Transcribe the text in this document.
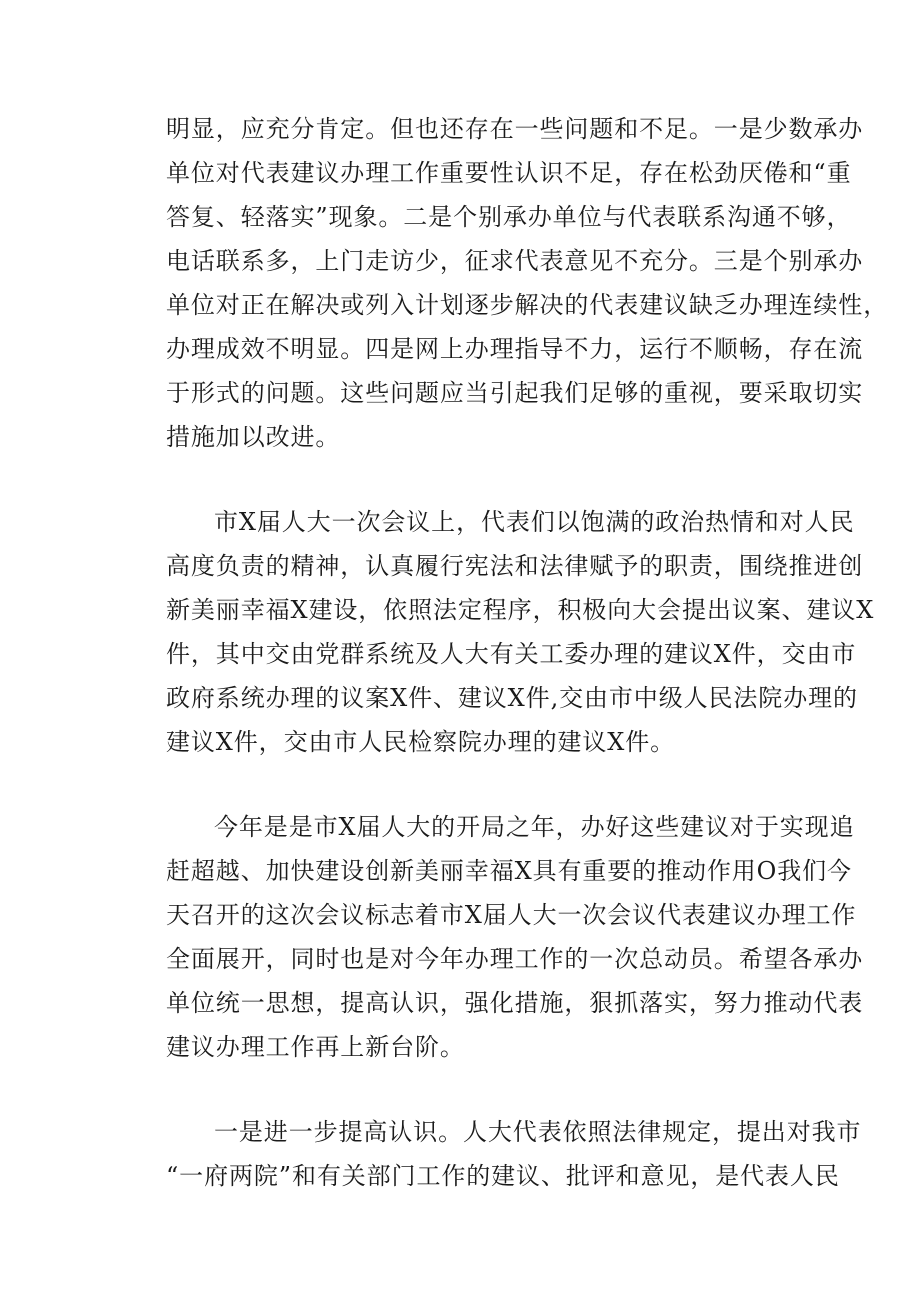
明显，应充分肯定。但也还存在一些问题和不足。一是少数承办
单位对代表建议办理工作重要性认识不足，存在松劲厌倦和“重
答复、轻落实”现象。二是个别承办单位与代表联系沟通不够，
电话联系多，上门走访少，征求代表意见不充分。三是个别承办
单位对正在解决或列入计划逐步解决的代表建议缺乏办理连续性，
办理成效不明显。四是网上办理指导不力，运行不顺畅，存在流
于形式的问题。这些问题应当引起我们足够的重视，要采取切实
措施加以改进。
市X届人大一次会议上，代表们以饱满的政治热情和对人民
高度负责的精神，认真履行宪法和法律赋予的职责，围绕推进创
新美丽幸福X建设，依照法定程序，积极向大会提出议案、建议X
件，其中交由党群系统及人大有关工委办理的建议X件，交由市
政府系统办理的议案X件、建议X件,交由市中级人民法院办理的
建议X件，交由市人民检察院办理的建议X件。
今年是是市X届人大的开局之年，办好这些建议对于实现追
赶超越、加快建设创新美丽幸福X具有重要的推动作用O我们今
天召开的这次会议标志着市X届人大一次会议代表建议办理工作
全面展开，同时也是对今年办理工作的一次总动员。希望各承办
单位统一思想，提高认识，强化措施，狠抓落实，努力推动代表
建议办理工作再上新台阶。
一是进一步提高认识。人大代表依照法律规定，提出对我市
“一府两院”和有关部门工作的建议、批评和意见，是代表人民
